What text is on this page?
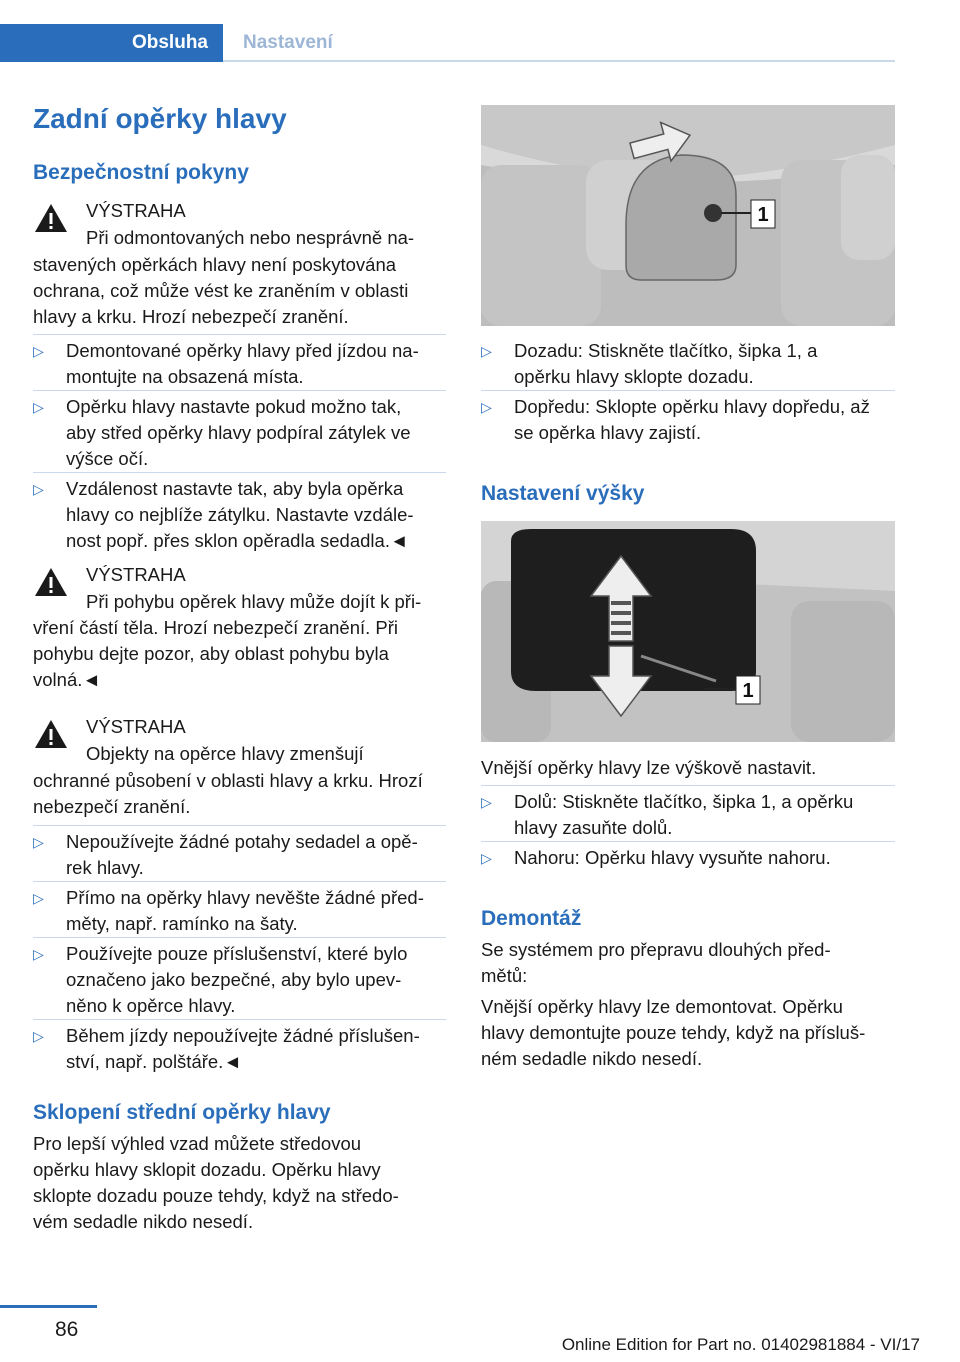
Obsluha	Nastavení
Zadní opěrky hlavy
Bezpečnostní pokyny
VÝSTRAHA
Při odmontovaných nebo nesprávně na-
stavených opěrkách hlavy není poskytována
ochrana, což může vést ke zraněním v oblasti
hlavy a krku. Hrozí nebezpečí zranění.
▷	Demontované opěrky hlavy před jízdou na-
montujte na obsazená místa.
▷	Opěrku hlavy nastavte pokud možno tak,
aby střed opěrky hlavy podpíral zátylek ve
výšce očí.
▷	Vzdálenost nastavte tak, aby byla opěrka
hlavy co nejblíže zátylku. Nastavte vzdále-
nost popř. přes sklon opěradla sedadla.◄
VÝSTRAHA
Při pohybu opěrek hlavy může dojít k při-
vření částí těla. Hrozí nebezpečí zranění. Při
pohybu dejte pozor, aby oblast pohybu byla
volná.◄
VÝSTRAHA
Objekty na opěrce hlavy zmenšují
ochranné působení v oblasti hlavy a krku. Hrozí
nebezpečí zranění.
▷	Nepoužívejte žádné potahy sedadel a opě-
rek hlavy.
▷	Přímo na opěrky hlavy nevěšte žádné před-
měty, např. ramínko na šaty.
▷	Používejte pouze příslušenství, které bylo
označeno jako bezpečné, aby bylo upev-
něno k opěrce hlavy.
▷	Během jízdy nepoužívejte žádné příslušen-
ství, např. polštáře.◄
Sklopení střední opěrky hlavy
Pro lepší výhled vzad můžete středovou
opěrku hlavy sklopit dozadu. Opěrku hlavy
sklopte dozadu pouze tehdy, když na středo-
vém sedadle nikdo nesedí.
1
▷	Dozadu: Stiskněte tlačítko, šipka 1, a
opěrku hlavy sklopte dozadu.
▷	Dopředu: Sklopte opěrku hlavy dopředu, až
se opěrka hlavy zajistí.
Nastavení výšky
1
Vnější opěrky hlavy lze výškově nastavit.
▷	Dolů: Stiskněte tlačítko, šipka 1, a opěrku
hlavy zasuňte dolů.
▷	Nahoru: Opěrku hlavy vysuňte nahoru.
Demontáž
Se systémem pro přepravu dlouhých před-
mětů:
Vnější opěrky hlavy lze demontovat. Opěrku
hlavy demontujte pouze tehdy, když na přísluš-
ném sedadle nikdo nesedí.
86
Online Edition for Part no. 01402981884 - VI/17
